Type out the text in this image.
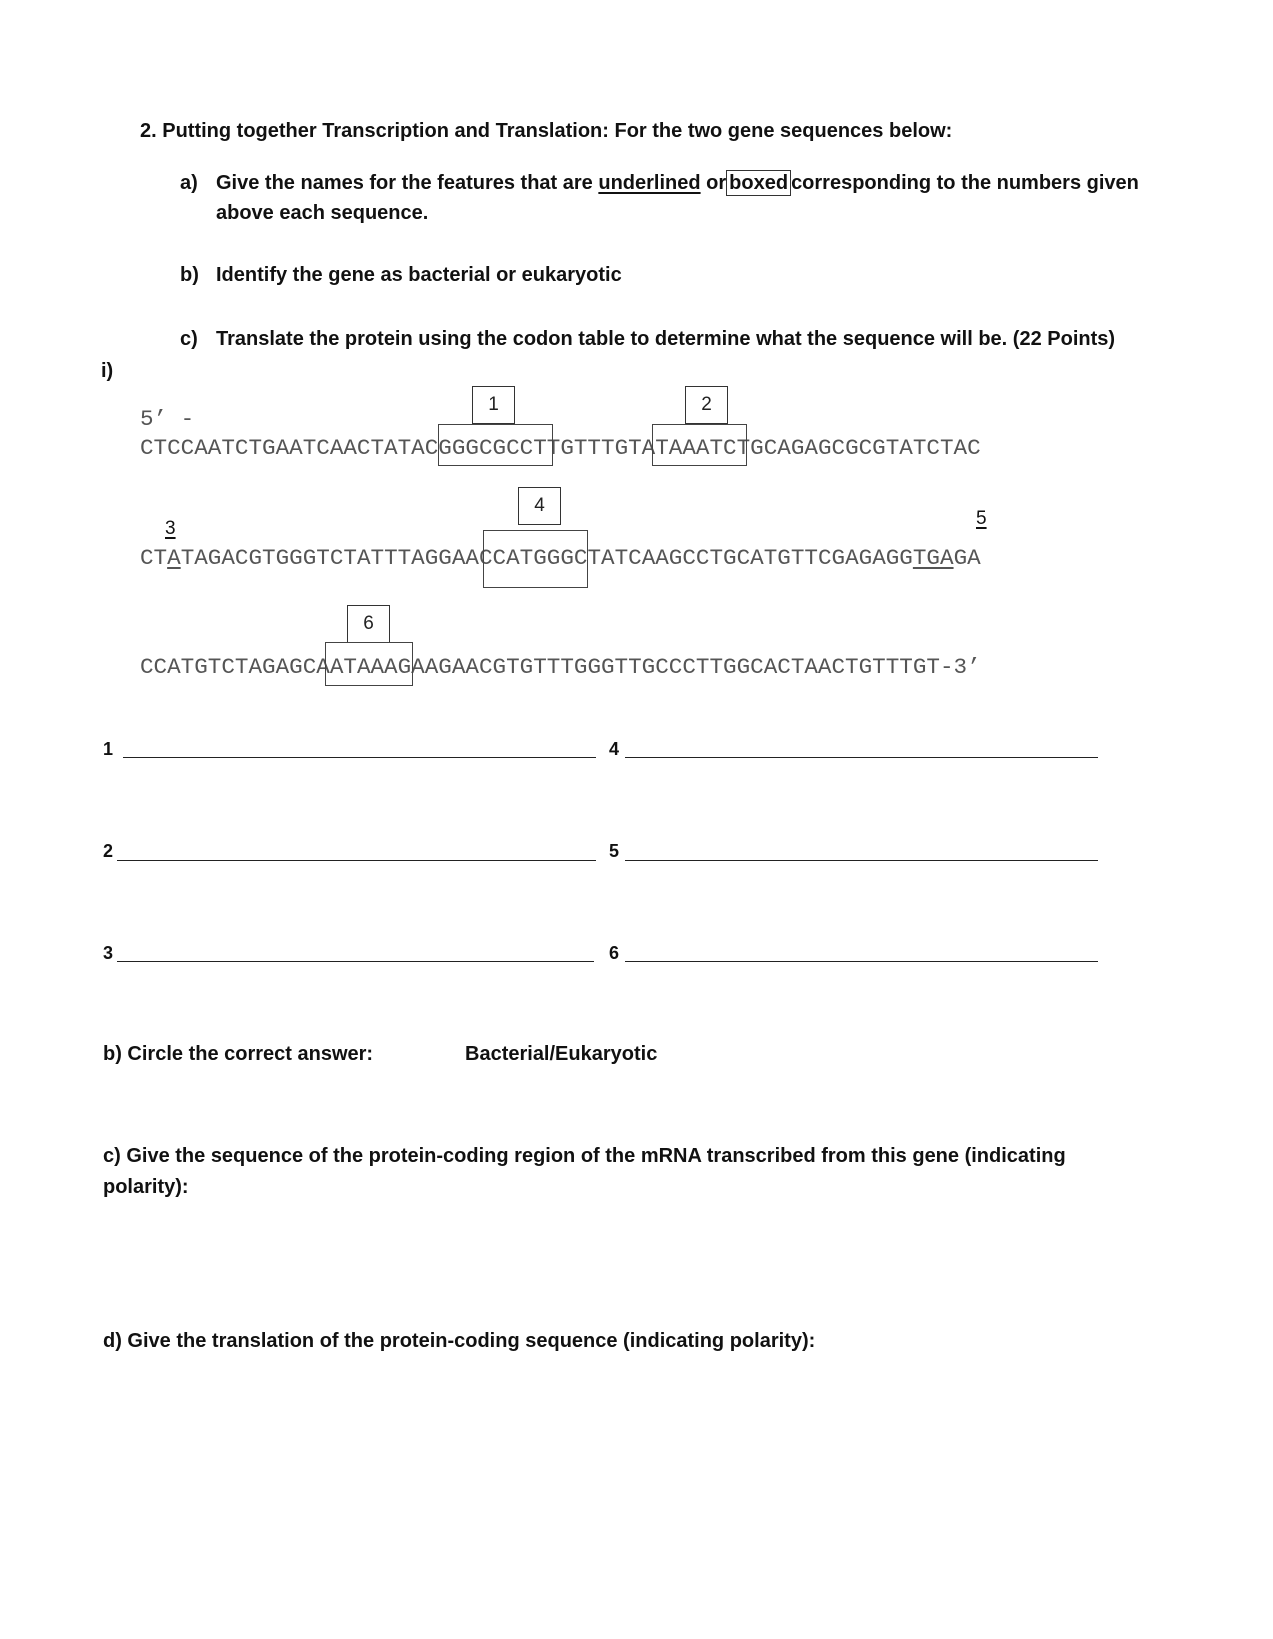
2. Putting together Transcription and Translation: For the two gene sequences below:
a) Give the names for the features that are underlined or boxed corresponding to the numbers given
above each sequence.
b) Identify the gene as bacterial or eukaryotic
c) Translate the protein using the codon table to determine what the sequence will be. (22 Points)
i)
1	2
4
6
5’ -
CTCCAATCTGAATCAACTATACGGGCGCCTTGTTTGTATAAATCTGCAGAGCGCGTATCTAC
3	5
CTATAGACGTGGGTCTATTTAGGAACCATGGGCTATCAAGCCTGCATGTTCGAGAGGTGAGA
CCATGTCTAGAGCAATAAAGAAGAACGTGTTTGGGTTGCCCTTGGCACTAACTGTTTGT-3’
1	4
2	5
3	6
b) Circle the correct answer:	Bacterial/Eukaryotic
c) Give the sequence of the protein-coding region of the mRNA transcribed from this gene (indicating
polarity):
d) Give the translation of the protein-coding sequence (indicating polarity):
